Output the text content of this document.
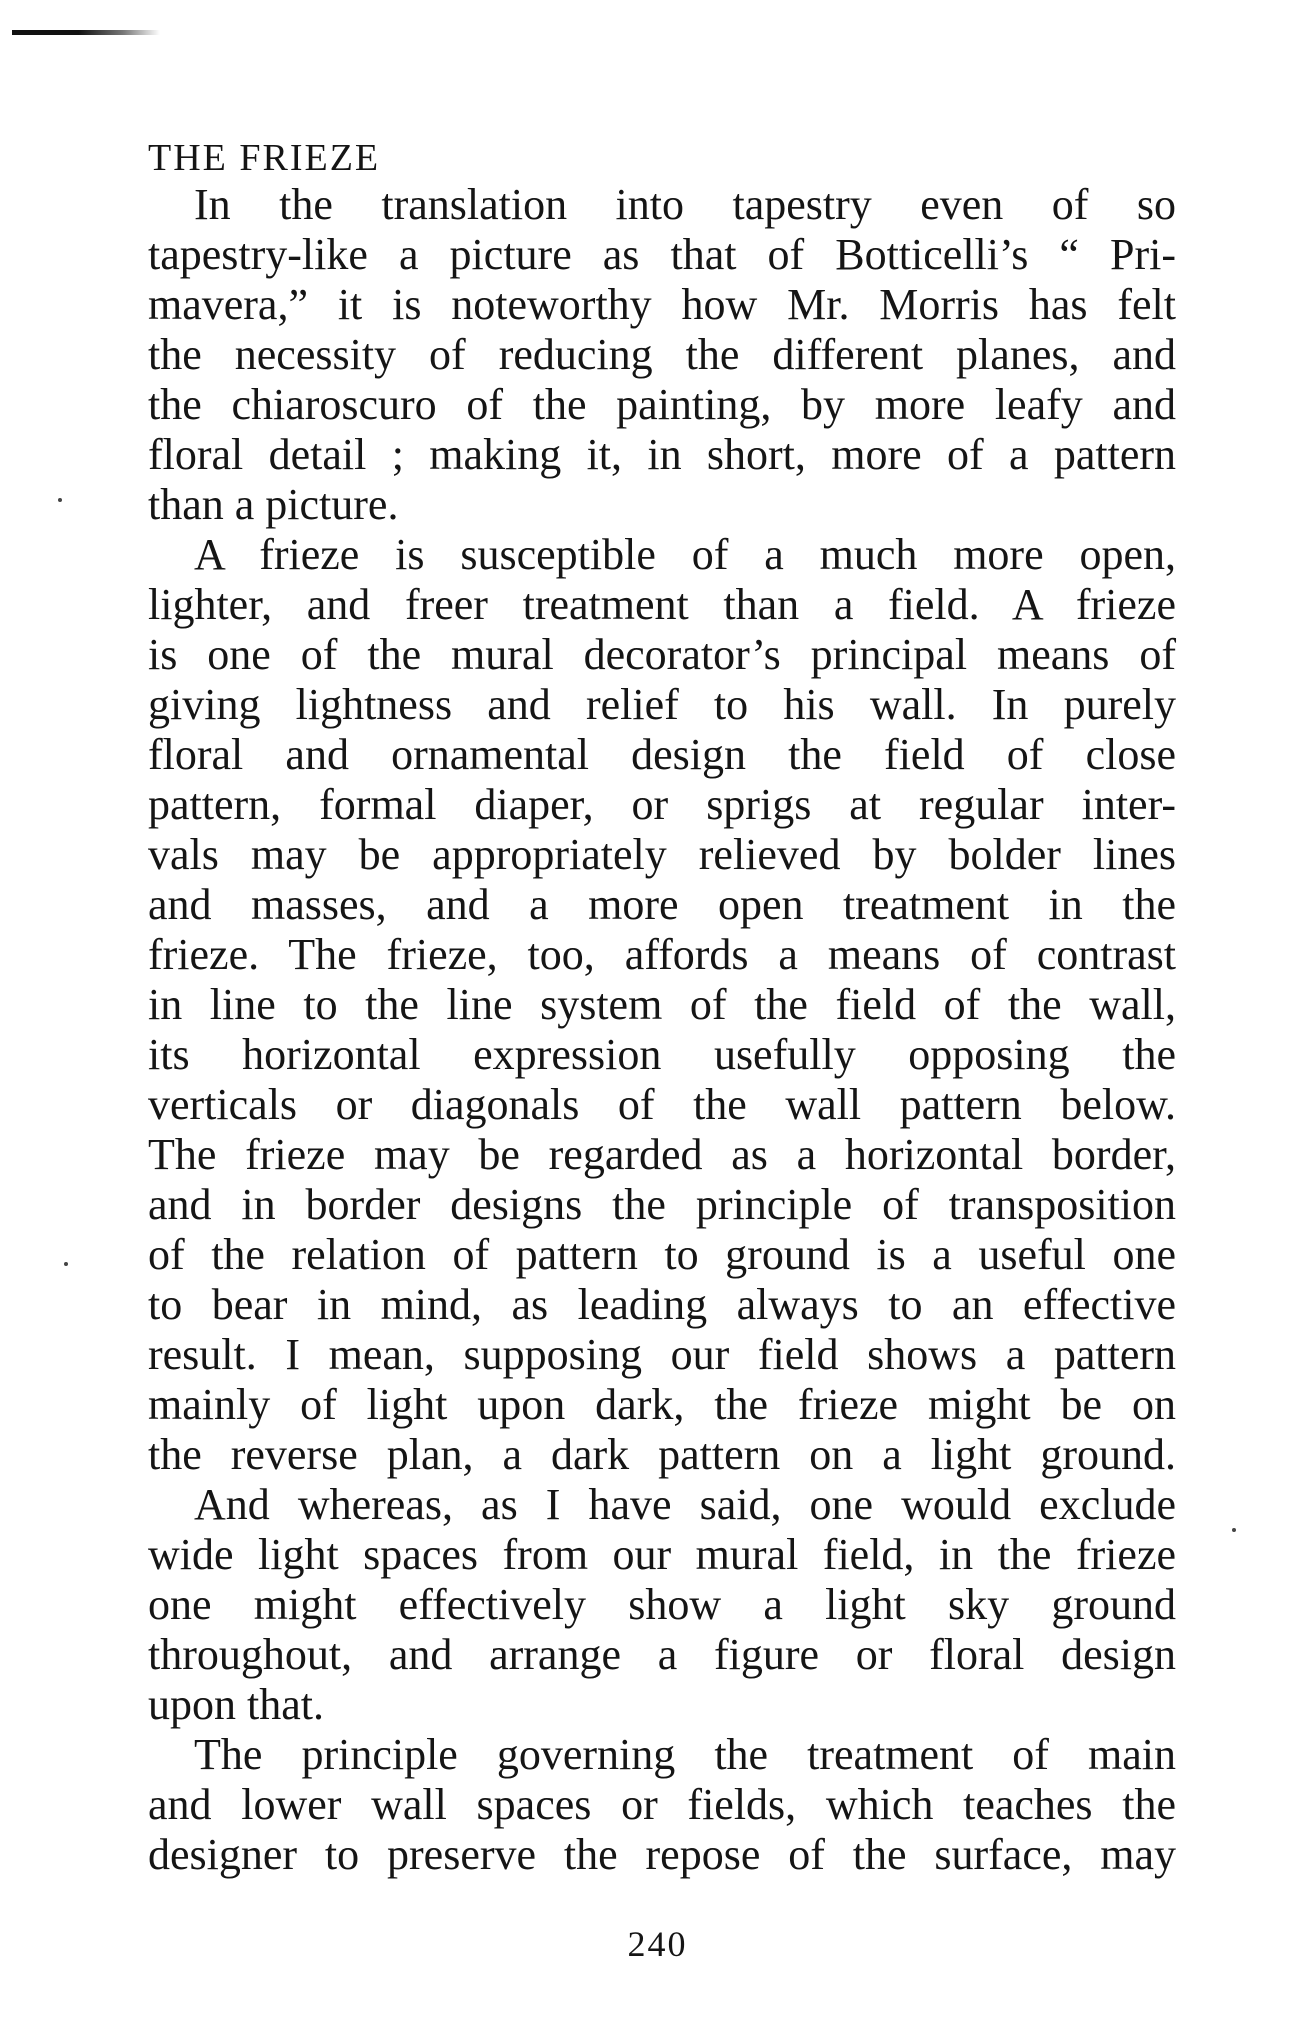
THE FRIEZE
In the translation into tapestry even of so
tapestry-like a picture as that of Botticelli’s “ Pri-
mavera,” it is noteworthy how Mr. Morris has felt
the necessity of reducing the different planes, and
the chiaroscuro of the painting, by more leafy and
floral detail ; making it, in short, more of a pattern
than a picture.
A frieze is susceptible of a much more open,
lighter, and freer treatment than a field. A frieze
is one of the mural decorator’s principal means of
giving lightness and relief to his wall. In purely
floral and ornamental design the field of close
pattern, formal diaper, or sprigs at regular inter-
vals may be appropriately relieved by bolder lines
and masses, and a more open treatment in the
frieze. The frieze, too, affords a means of contrast
in line to the line system of the field of the wall,
its horizontal expression usefully opposing the
verticals or diagonals of the wall pattern below.
The frieze may be regarded as a horizontal border,
and in border designs the principle of transposition
of the relation of pattern to ground is a useful one
to bear in mind, as leading always to an effective
result. I mean, supposing our field shows a pattern
mainly of light upon dark, the frieze might be on
the reverse plan, a dark pattern on a light ground.
And whereas, as I have said, one would exclude
wide light spaces from our mural field, in the frieze
one might effectively show a light sky ground
throughout, and arrange a figure or floral design
upon that.
The principle governing the treatment of main
and lower wall spaces or fields, which teaches the
designer to preserve the repose of the surface, may
240
